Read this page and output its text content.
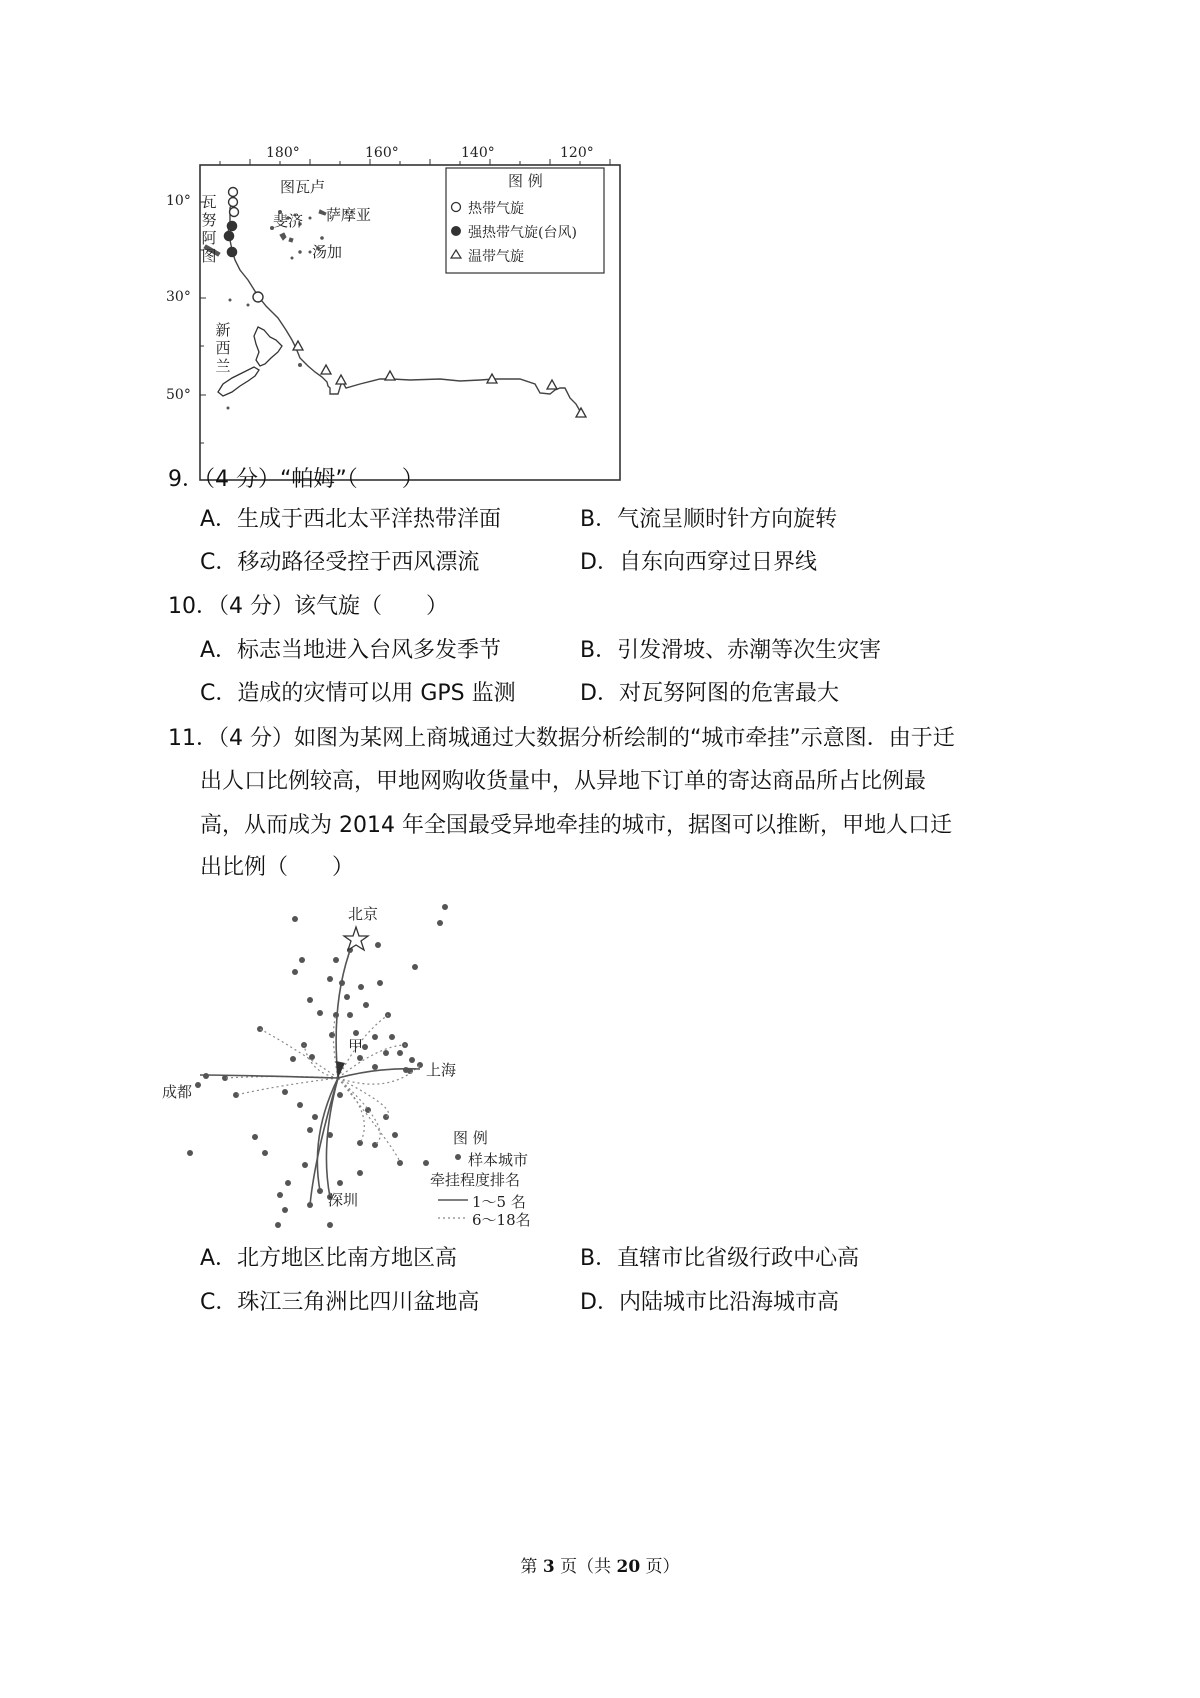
180°	160°	140°	120°
10°
30°
50°
图瓦卢
瓦努阿图
萨摩亚
斐济
汤加
新西兰
图 例
热带气旋
强热带气旋(台风)
温带气旋
9．（4 分）“帕姆”（　　）
A．生成于西北太平洋热带洋面	B．气流呈顺时针方向旋转
C．移动路径受控于西风漂流	D．自东向西穿过日界线
10．（4 分）该气旋（　　）
A．标志当地进入台风多发季节	B．引发滑坡、赤潮等次生灾害
C．造成的灾情可以用 GPS 监测	D．对瓦努阿图的危害最大
11．（4 分）如图为某网上商城通过大数据分析绘制的“城市牵挂”示意图．由于迁
出人口比例较高，甲地网购收货量中，从异地下订单的寄达商品所占比例最
高，从而成为 2014 年全国最受异地牵挂的城市，据图可以推断，甲地人口迁
出比例（　　）
北京
甲
上海
成都
深圳
图 例
样本城市
牵挂程度排名
1～5 名
6～18名
A．北方地区比南方地区高	B．直辖市比省级行政中心高
C．珠江三角洲比四川盆地高	D．内陆城市比沿海城市高
第 3 页（共 20 页）
